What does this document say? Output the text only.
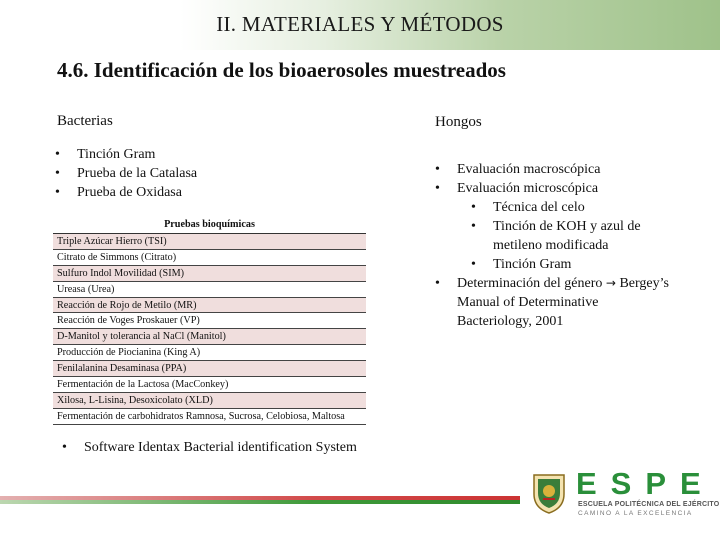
II. MATERIALES Y MÉTODOS
4.6. Identificación de los bioaerosoles muestreados
Bacterias	Hongos
• Tinción Gram
• Prueba de la Catalasa
• Prueba de Oxidasa
Pruebas bioquímicas
Triple Azúcar Hierro (TSI)
Citrato de Simmons (Citrato)
Sulfuro Indol Movilidad (SIM)
Ureasa (Urea)
Reacción de Rojo de Metilo (MR)
Reacción de Voges Proskauer (VP)
D-Manitol y tolerancia al NaCl (Manitol)
Producción de Piocianina (King A)
Fenilalanina Desaminasa (PPA)
Fermentación de la Lactosa (MacConkey)
Xilosa, L-Lisina, Desoxicolato (XLD)
Fermentación de carbohidratos Ramnosa, Sucrosa, Celobiosa, Maltosa
• Software Identax Bacterial identification System
• Evaluación macroscópica
• Evaluación microscópica
• Técnica del celo
• Tinción de KOH y azul de metileno modificada
• Tinción Gram
• Determinación del género → Bergey’s Manual of Determinative Bacteriology, 2001
ESPE
ESCUELA POLITÉCNICA DEL EJÉRCITO
CAMINO A LA EXCELENCIA
